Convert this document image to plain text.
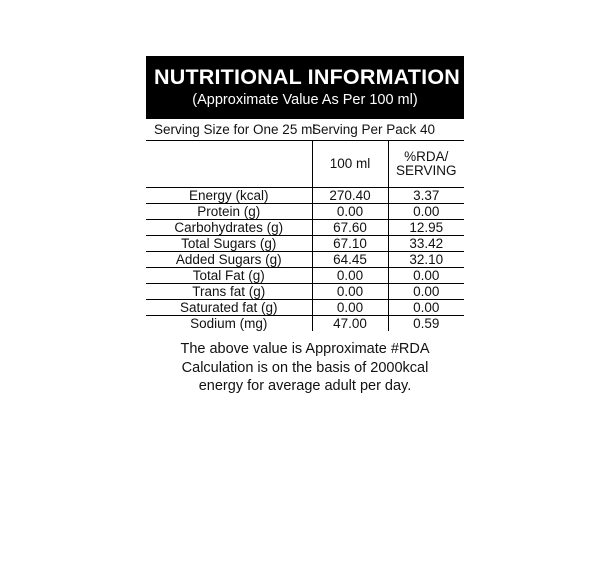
NUTRITIONAL INFORMATION
(Approximate Value As Per 100 ml)
Serving Size for One 25 ml	Serving Per Pack 40	
	100 ml	%RDA/
SERVING

Energy (kcal)	270.40	3.37
Protein (g)	0.00	0.00
Carbohydrates (g)	67.60	12.95
Total Sugars (g)	67.10	33.42
Added Sugars (g)	64.45	32.10
Total Fat (g)	0.00	0.00
Trans fat (g)	0.00	0.00
Saturated fat (g)	0.00	0.00
Sodium (mg)	47.00	0.59
The above value is Approximate #RDA
Calculation is on the basis of 2000kcal
energy for average adult per day.
